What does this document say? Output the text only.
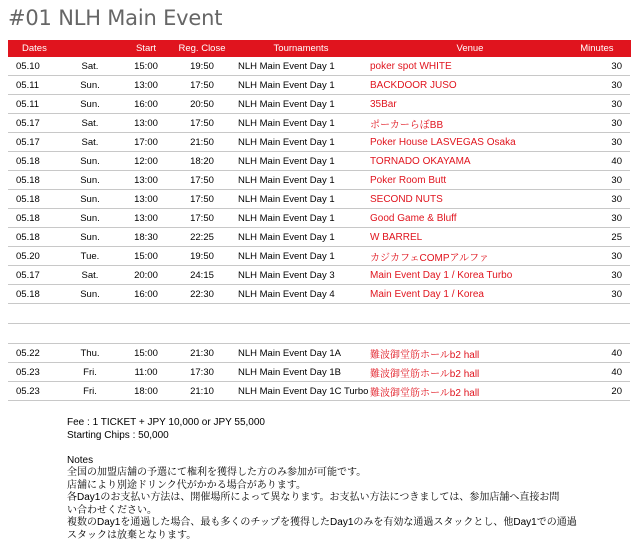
#01 NLH Main Event
Dates		Start	Reg. Close	Tournaments	Venue	Minutes
05.10	Sat.	15:00	19:50	NLH Main Event Day 1	poker spot WHITE	30
05.11	Sun.	13:00	17:50	NLH Main Event Day 1	BACKDOOR JUSO	30
05.11	Sun.	16:00	20:50	NLH Main Event Day 1	35Bar	30
05.17	Sat.	13:00	17:50	NLH Main Event Day 1	ポーカーらぼBB	30
05.17	Sat.	17:00	21:50	NLH Main Event Day 1	Poker House LASVEGAS Osaka	30
05.18	Sun.	12:00	18:20	NLH Main Event Day 1	TORNADO OKAYAMA	40
05.18	Sun.	13:00	17:50	NLH Main Event Day 1	Poker Room Butt	30
05.18	Sun.	13:00	17:50	NLH Main Event Day 1	SECOND NUTS	30
05.18	Sun.	13:00	17:50	NLH Main Event Day 1	Good Game & Bluff	30
05.18	Sun.	18:30	22:25	NLH Main Event Day 1	W BARREL	25
05.20	Tue.	15:00	19:50	NLH Main Event Day 1	カジカフェCOMPアルファ	30
05.17	Sat.	20:00	24:15	NLH Main Event Day 3	Main Event Day 1 / Korea Turbo	30
05.18	Sun.	16:00	22:30	NLH Main Event Day 4	Main Event Day 1 / Korea	30

05.22	Thu.	15:00	21:30	NLH Main Event Day 1A	難波御堂筋ホールb2 hall	40
05.23	Fri.	11:00	17:30	NLH Main Event Day 1B	難波御堂筋ホールb2 hall	40
05.23	Fri.	18:00	21:10	NLH Main Event Day 1C Turbo	難波御堂筋ホールb2 hall	20
Fee : 1 TICKET + JPY 10,000 or JPY 55,000
Starting Chips : 50,000
Notes
全国の加盟店舗の予選にて権利を獲得した方のみ参加が可能です。
店舗により別途ドリンク代がかかる場合があります。
各Day1のお支払い方法は、開催場所によって異なります。お支払い方法につきましては、参加店舗へ直接お問
い合わせください。
複数のDay1を通過した場合、最も多くのチップを獲得したDay1のみを有効な通過スタックとし、他Day1での通過
スタックは放棄となります。
